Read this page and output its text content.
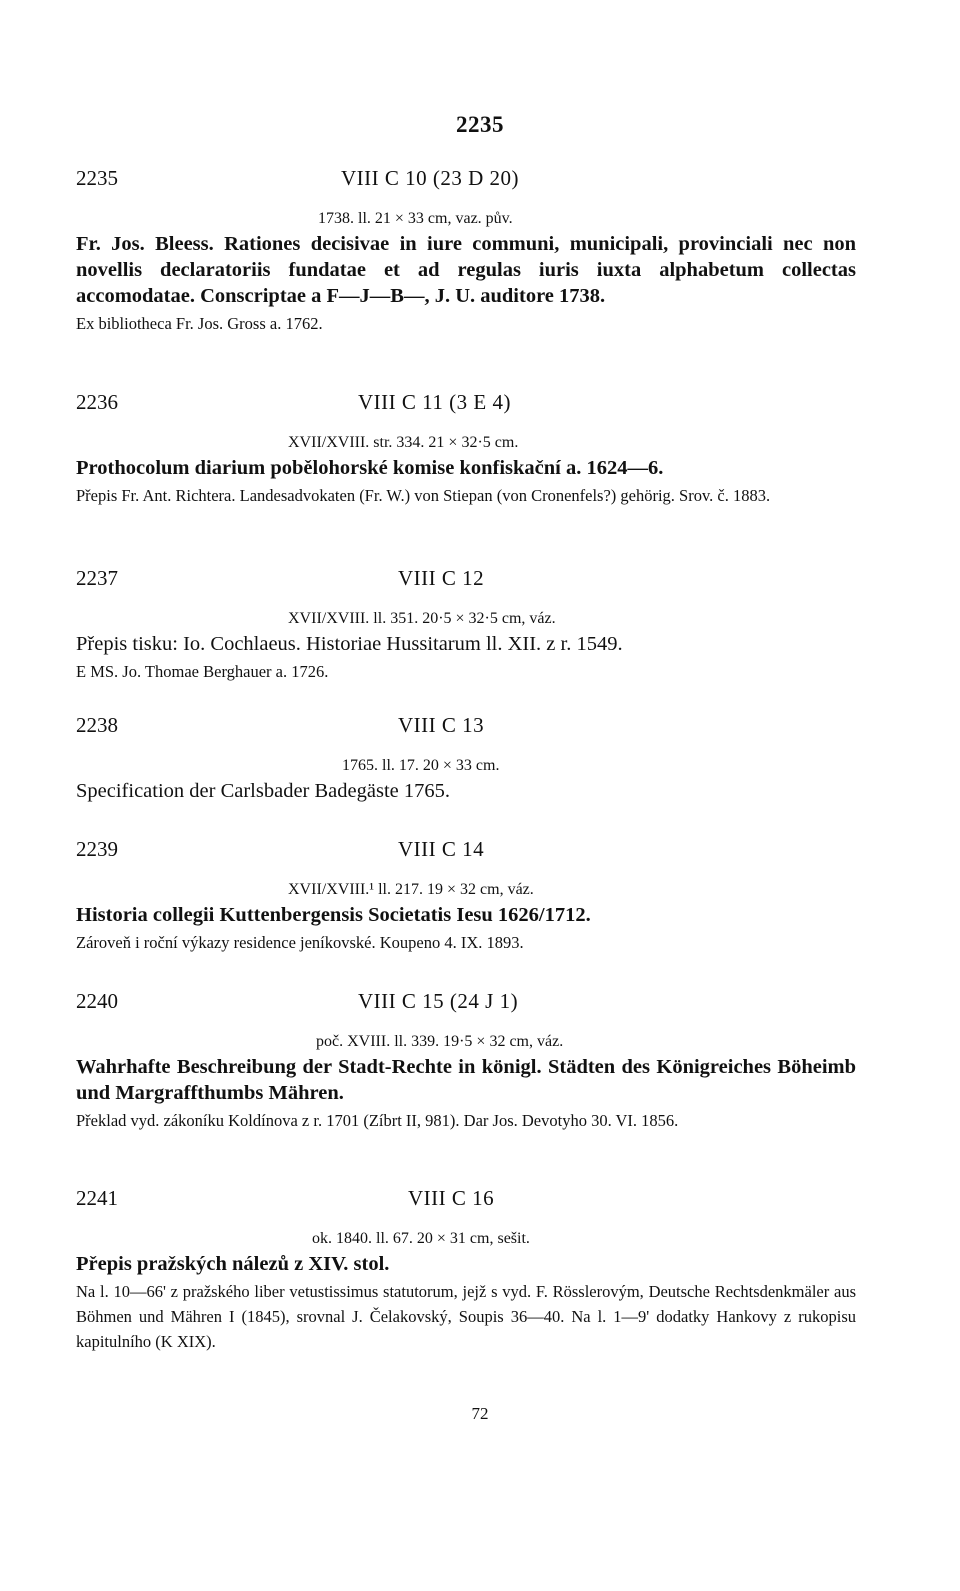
2235
2235	VIII C 10 (23 D 20)
1738. ll. 21 × 33 cm, vaz. pův.
Fr. Jos. Bleess. Rationes decisivae in iure communi, municipali, provinciali nec non novellis declaratoriis fundatae et ad regulas iuris iuxta alphabetum collectas accomodatae. Conscriptae a F—J—B—, J. U. auditore 1738.
Ex bibliotheca Fr. Jos. Gross a. 1762.
2236	VIII C 11 (3 E 4)
XVII/XVIII. str. 334. 21 × 32·5 cm.
Prothocolum diarium pobělohorské komise konfiskační a. 1624—6.
Přepis Fr. Ant. Richtera. Landesadvokaten (Fr. W.) von Stiepan (von Cronenfels?) gehörig. Srov. č. 1883.
2237	VIII C 12
XVII/XVIII. ll. 351. 20·5 × 32·5 cm, váz.
Přepis tisku: Io. Cochlaeus. Historiae Hussitarum ll. XII. z r. 1549.
E MS. Jo. Thomae Berghauer a. 1726.
2238	VIII C 13
1765. ll. 17. 20 × 33 cm.
Specification der Carlsbader Badegäste 1765.
2239	VIII C 14
XVII/XVIII.¹ ll. 217. 19 × 32 cm, váz.
Historia collegii Kuttenbergensis Societatis Iesu 1626/1712.
Zároveň i roční výkazy residence jeníkovské. Koupeno 4. IX. 1893.
2240	VIII C 15 (24 J 1)
poč. XVIII. ll. 339. 19·5 × 32 cm, váz.
Wahrhafte Beschreibung der Stadt-Rechte in königl. Städten des Königreiches Böheimb und Margraffthumbs Mähren.
Překlad vyd. zákoníku Koldínova z r. 1701 (Zíbrt II, 981). Dar Jos. Devotyho 30. VI. 1856.
2241	VIII C 16
ok. 1840. ll. 67. 20 × 31 cm, sešit.
Přepis pražských nálezů z XIV. stol.
Na l. 10—66' z pražského liber vetustissimus statutorum, jejž s vyd. F. Rösslerovým, Deutsche Rechtsdenkmäler aus Böhmen und Mähren I (1845), srovnal J. Čelakovský, Soupis 36—40. Na l. 1—9' dodatky Hankovy z rukopisu kapitulního (K XIX).
72
